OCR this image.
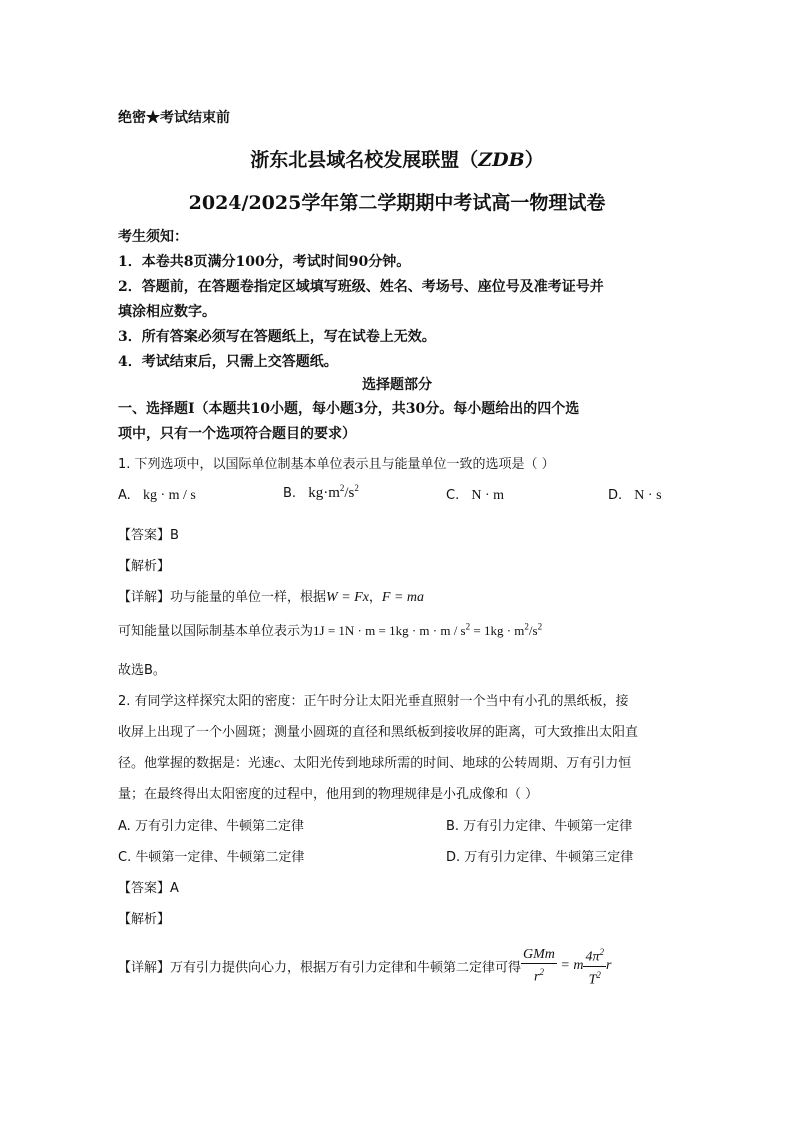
绝密★考试结束前
浙东北县域名校发展联盟（ZDB）
2024/2025学年第二学期期中考试高一物理试卷
考生须知：
1．本卷共8页满分100分，考试时间90分钟。
2．答题前，在答题卷指定区域填写班级、姓名、考场号、座位号及准考证号并
填涂相应数字。
3．所有答案必须写在答题纸上，写在试卷上无效。
4．考试结束后，只需上交答题纸。
选择题部分
一、选择题Ⅰ（本题共10小题，每小题3分，共30分。每小题给出的四个选
项中，只有一个选项符合题目的要求）
1. 下列选项中，以国际单位制基本单位表示且与能量单位一致的选项是（ ）
A. kg · m / s	B. $kg\cdot m^2/s^2$	C. N · m	D. N · s
【答案】B
【解析】
【详解】功与能量的单位一样，根据W = Fx，F = ma
可知能量以国际制基本单位表示为$1J = 1N \cdot m = 1kg \cdot m \cdot m / s^2 = 1kg \cdot m^2/s^2$
故选B。
2. 有同学这样探究太阳的密度：正午时分让太阳光垂直照射一个当中有小孔的黑纸板，接
收屏上出现了一个小圆斑；测量小圆斑的直径和黑纸板到接收屏的距离，可大致推出太阳直
径。他掌握的数据是：光速c、太阳光传到地球所需的时间、地球的公转周期、万有引力恒
量；在最终得出太阳密度的过程中，他用到的物理规律是小孔成像和（ ）
A. 万有引力定律、牛顿第二定律	B. 万有引力定律、牛顿第一定律
C. 牛顿第一定律、牛顿第二定律	D. 万有引力定律、牛顿第三定律
【答案】A
【解析】
【详解】万有引力提供向心力，根据万有引力定律和牛顿第二定律可得 $\frac{\text{GMm}}{r^2} = m \frac{4\pi^2}{T^2}$ r
